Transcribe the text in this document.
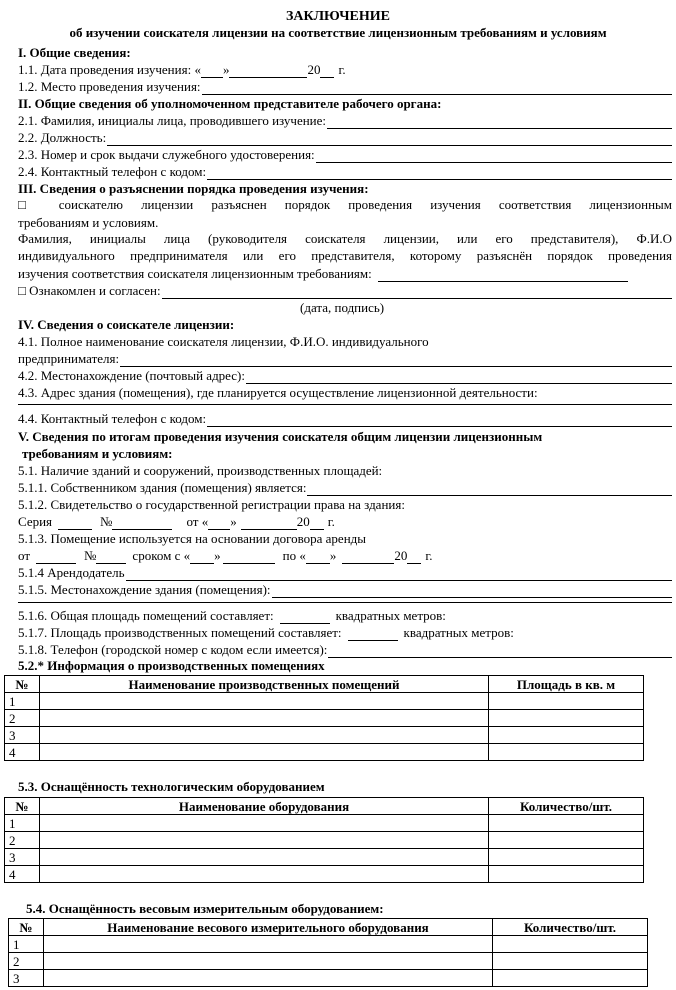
ЗАКЛЮЧЕНИЕ
об изучении соискателя лицензии на соответствие лицензионным требованиям и условиям
I. Общие сведения:
1.1. Дата проведения изучения: « »	20 г.
1.2. Место проведения изучения:
II. Общие сведения об уполномоченном представителе рабочего органа:
2.1. Фамилия, инициалы лица, проводившего изучение:
2.2. Должность:
2.3. Номер и срок выдачи служебного удостоверения:
2.4. Контактный телефон с кодом:
III. Сведения о разъяснении порядка проведения изучения:
□ соискателю лицензии разъяснен порядок проведения изучения соответствия лицензионным
требованиям и условиям.
Фамилия, инициалы лица (руководителя соискателя лицензии, или его представителя), Ф.И.О
индивидуального предпринимателя или его представителя, которому разъяснён порядок проведения
изучения соответствия соискателя лицензионным требованиям:
□ Ознакомлен и согласен:
(дата, подпись)
IV. Сведения о соискателе лицензии:
4.1. Полное наименование соискателя лицензии, Ф.И.О. индивидуального
предпринимателя:
4.2. Местонахождение (почтовый адрес):
4.3. Адрес здания (помещения), где планируется осуществление лицензионной деятельности:
4.4. Контактный телефон с кодом:
V. Сведения по итогам проведения изучения соискателя общим лицензии лицензионным
требованиям и условиям:
5.1. Наличие зданий и сооружений, производственных площадей:
5.1.1. Собственником здания (помещения) является:
5.1.2. Свидетельство о государственной регистрации права на здания:
Серия	№	от « »	20 г.
5.1.3. Помещение используется на основании договора аренды
от	№	сроком с « »	по « »	20 г.
5.1.4 Арендодатель
5.1.5. Местонахождение здания (помещения):
5.1.6. Общая площадь помещений составляет:	квадратных метров:
5.1.7. Площадь производственных помещений составляет:	квадратных метров:
5.1.8. Телефон (городской номер с кодом если имеется):
5.2.* Информация о производственных помещениях
№	Наименование производственных помещений	Площадь в кв. м
1		
2		
3		
4		
5.3. Оснащённость технологическим оборудованием
№	Наименование оборудования	Количество/шт.
1		
2		
3		
4		
5.4. Оснащённость весовым измерительным оборудованием:
№	Наименование весового измерительного оборудования	Количество/шт.
1		
2		
3		
